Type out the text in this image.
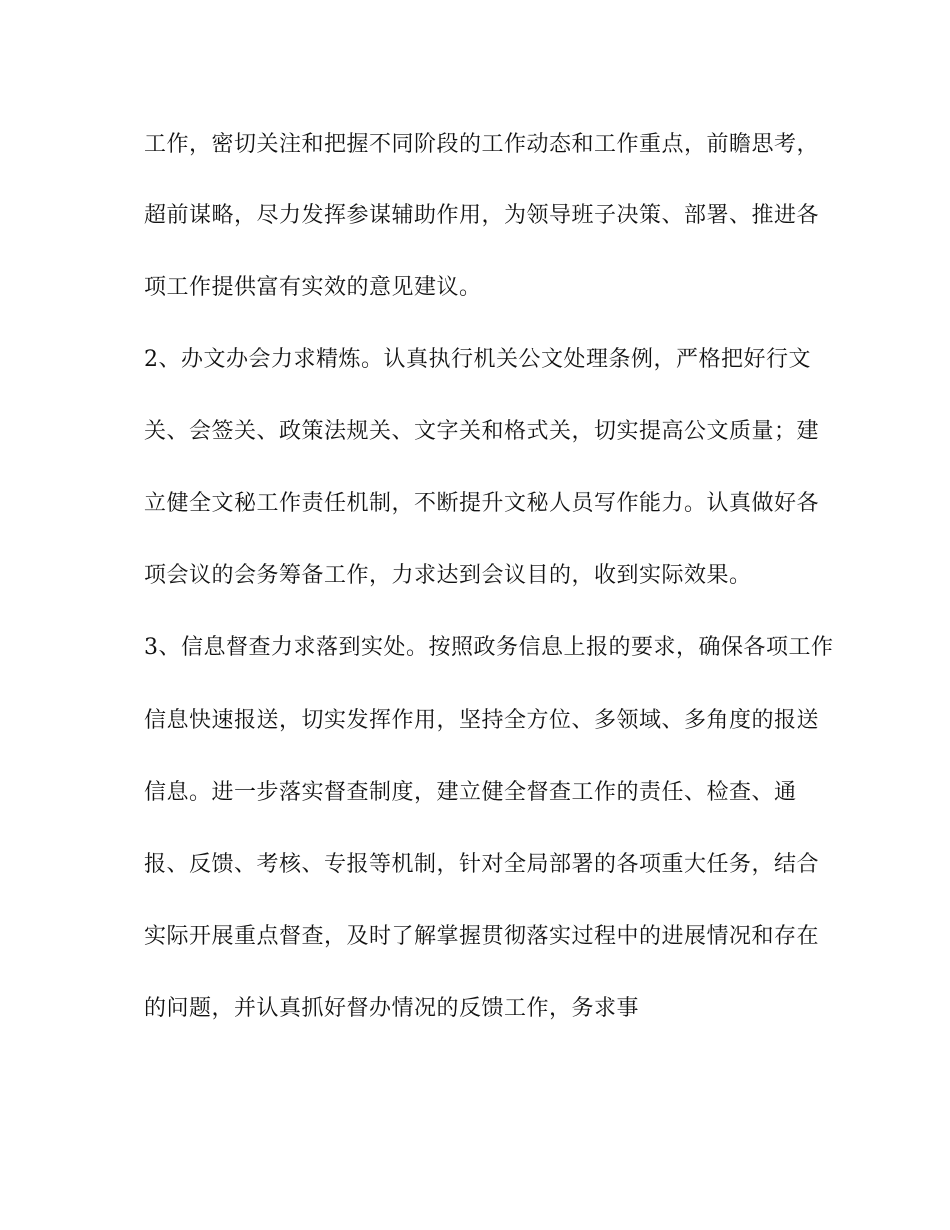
工作，密切关注和把握不同阶段的工作动态和工作重点，前瞻思考，
超前谋略，尽力发挥参谋辅助作用，为领导班子决策、部署、推进各
项工作提供富有实效的意见建议。
2、办文办会力求精炼。认真执行机关公文处理条例，严格把好行文
关、会签关、政策法规关、文字关和格式关，切实提高公文质量；建
立健全文秘工作责任机制，不断提升文秘人员写作能力。认真做好各
项会议的会务筹备工作，力求达到会议目的，收到实际效果。
3、信息督查力求落到实处。按照政务信息上报的要求，确保各项工作
信息快速报送，切实发挥作用，坚持全方位、多领域、多角度的报送
信息。进一步落实督查制度，建立健全督查工作的责任、检查、通
报、反馈、考核、专报等机制，针对全局部署的各项重大任务，结合
实际开展重点督查，及时了解掌握贯彻落实过程中的进展情况和存在
的问题，并认真抓好督办情况的反馈工作，务求事
